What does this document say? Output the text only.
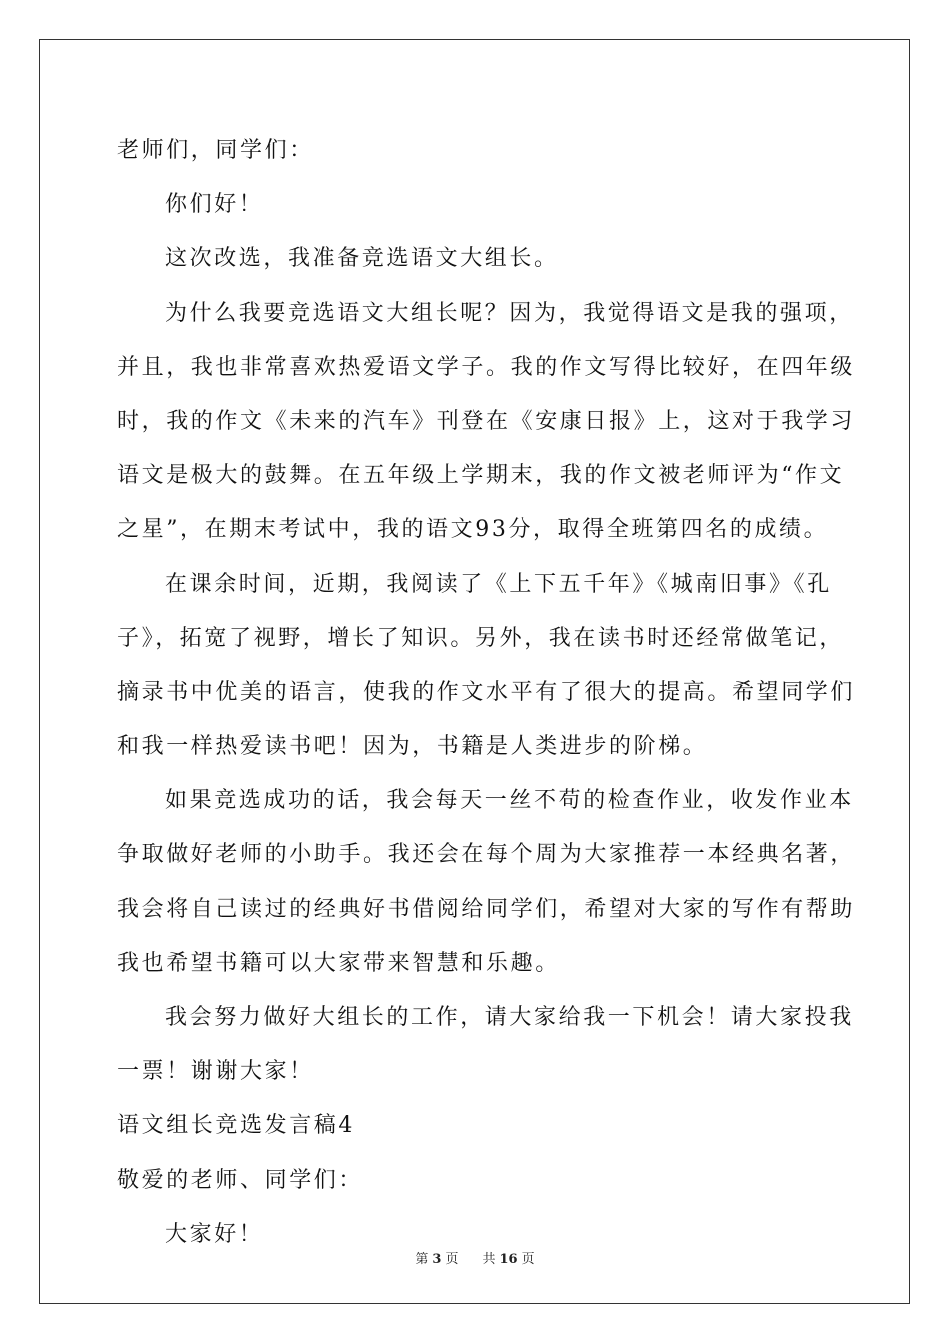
老师们，同学们：
你们好！
这次改选，我准备竞选语文大组长。
为什么我要竞选语文大组长呢？因为，我觉得语文是我的强项，
并且，我也非常喜欢热爱语文学子。我的作文写得比较好，在四年级
时，我的作文《未来的汽车》刊登在《安康日报》上，这对于我学习
语文是极大的鼓舞。在五年级上学期末，我的作文被老师评为“作文
之星”，在期末考试中，我的语文93分，取得全班第四名的成绩。
在课余时间，近期，我阅读了《上下五千年》《城南旧事》《孔
子》，拓宽了视野，增长了知识。另外，我在读书时还经常做笔记，
摘录书中优美的语言，使我的作文水平有了很大的提高。希望同学们
和我一样热爱读书吧！因为，书籍是人类进步的阶梯。
如果竞选成功的话，我会每天一丝不苟的检查作业，收发作业本
争取做好老师的小助手。我还会在每个周为大家推荐一本经典名著，
我会将自己读过的经典好书借阅给同学们，希望对大家的写作有帮助
我也希望书籍可以大家带来智慧和乐趣。
我会努力做好大组长的工作，请大家给我一下机会！请大家投我
一票！谢谢大家！
语文组长竞选发言稿4
敬爱的老师、同学们：
大家好！
第 3 页 共 16 页
